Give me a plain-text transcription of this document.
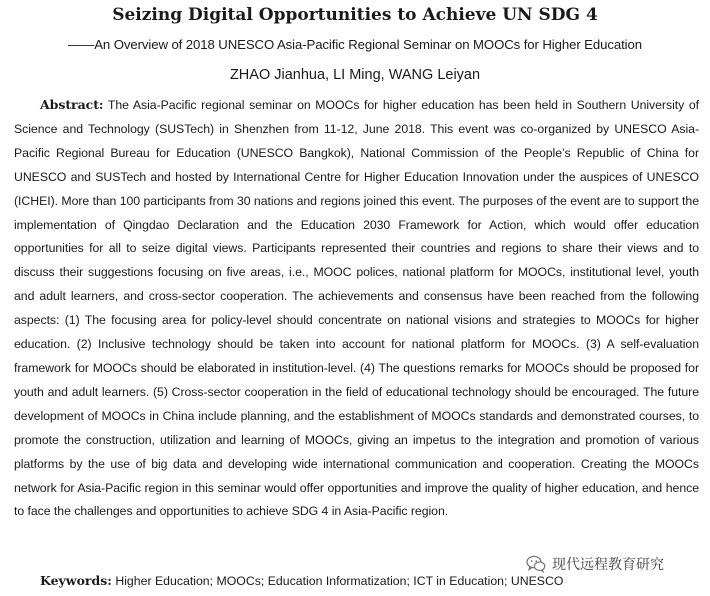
Seizing Digital Opportunities to Achieve UN SDG 4
——An Overview of 2018 UNESCO Asia-Pacific Regional Seminar on MOOCs for Higher Education
ZHAO Jianhua, LI Ming, WANG Leiyan

Abstract: The Asia-Pacific regional seminar on MOOCs for higher education has been held in Southern University of Science and Technology (SUSTech) in Shenzhen from 11-12, June 2018. This event was co-organized by UNESCO Asia-Pacific Regional Bureau for Education (UNESCO Bangkok), National Commission of the People’s Republic of China for UNESCO and SUSTech and hosted by International Centre for Higher Education Innovation under the auspices of UNESCO (ICHEI). More than 100 participants from 30 nations and regions joined this event. The purposes of the event are to support the implementation of Qingdao Declaration and the Education 2030 Framework for Action, which would offer education opportunities for all to seize digital views. Participants represented their countries and regions to share their views and to discuss their suggestions focusing on five areas, i.e., MOOC polices, national platform for MOOCs, institutional level, youth and adult learners, and cross-sector cooperation. The achievements and consensus have been reached from the following aspects: (1) The focusing area for policy-level should concentrate on national visions and strategies to MOOCs for higher education. (2) Inclusive technology should be taken into account for national platform for MOOCs. (3) A self-evaluation framework for MOOCs should be elaborated in institution-level. (4) The questions remarks for MOOCs should be proposed for youth and adult learners. (5) Cross-sector cooperation in the field of educational technology should be encouraged. The future development of MOOCs in China include planning, and the establishment of MOOCs standards and demonstrated courses, to promote the construction, utilization and learning of MOOCs, giving an impetus to the integration and promotion of various platforms by the use of big data and developing wide international communication and cooperation. Creating the MOOCs network for Asia-Pacific region in this seminar would offer opportunities and improve the quality of higher education, and hence to face the challenges and opportunities to achieve SDG 4 in Asia-Pacific region.

Keywords: Higher Education; MOOCs; Education Informatization; ICT in Education; UNESCO

现代远程教育研究
